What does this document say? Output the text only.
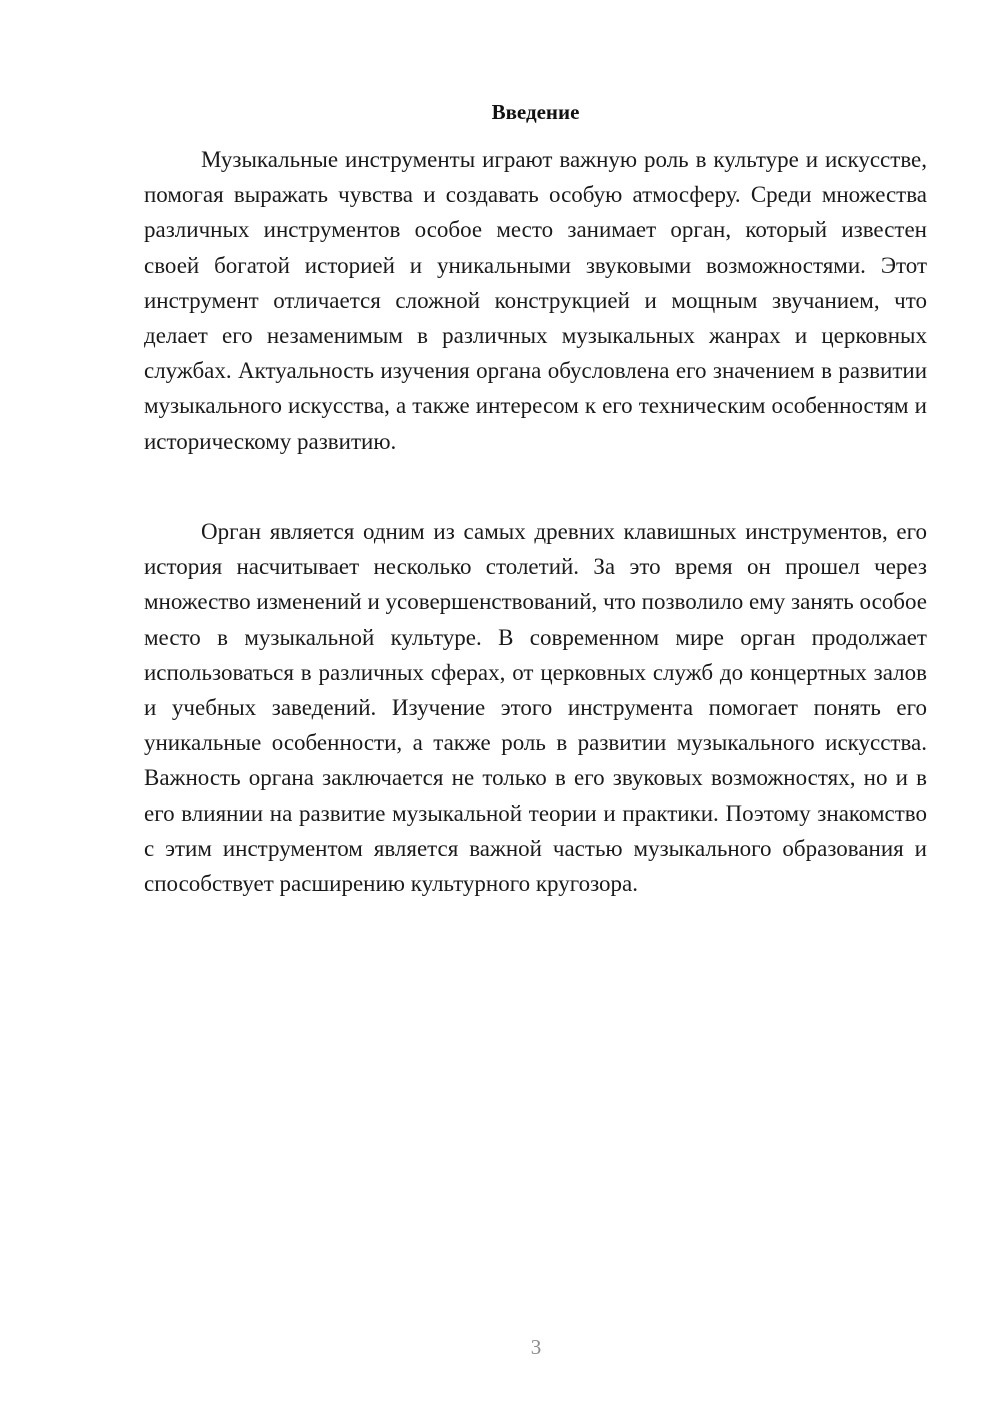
Введение

Музыкальные инструменты играют важную роль в культуре и искусстве, помогая выражать чувства и создавать особую атмосферу. Среди множества различных инструментов особое место занимает орган, который известен своей богатой историей и уникальными звуковыми возможностями. Этот инструмент отличается сложной конструкцией и мощным звучанием, что делает его незаменимым в различных музыкальных жанрах и церковных службах. Актуальность изучения органа обусловлена его значением в развитии музыкального искусства, а также интересом к его техническим особенностям и историческому развитию.

Орган является одним из самых древних клавишных инструментов, его история насчитывает несколько столетий. За это время он прошел через множество изменений и усовершенствований, что позволило ему занять особое место в музыкальной культуре. В современном мире орган продолжает использоваться в различных сферах, от церковных служб до концертных залов и учебных заведений. Изучение этого инструмента помогает понять его уникальные особенности, а также роль в развитии музыкального искусства. Важность органа заключается не только в его звуковых возможностях, но и в его влиянии на развитие музыкальной теории и практики. Поэтому знакомство с этим инструментом является важной частью музыкального образования и способствует расширению культурного кругозора.

3
